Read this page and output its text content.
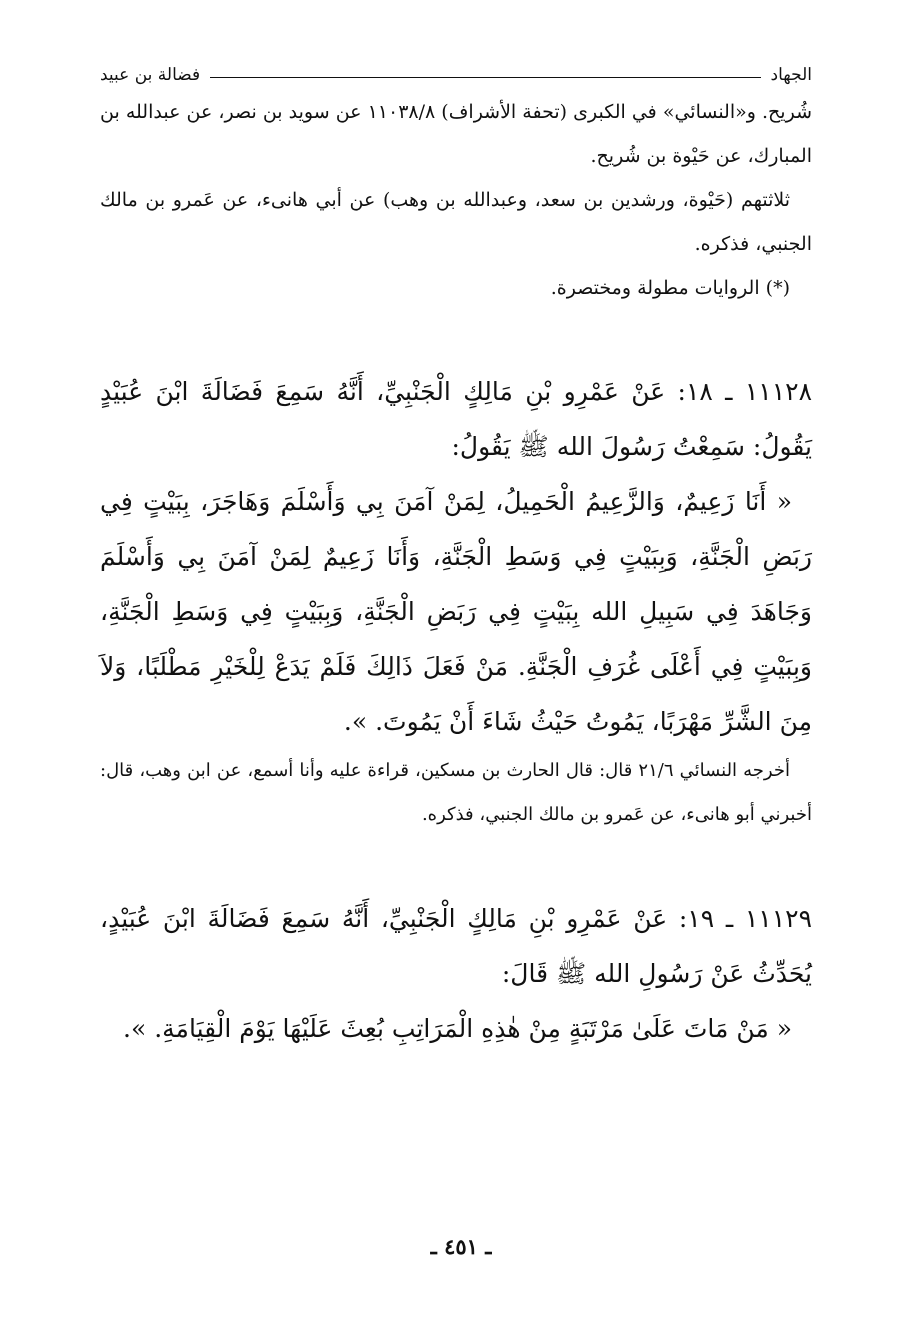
الجهاد
فضالة بن عبيد

شُريح. و«النسائي» في الكبرى (تحفة الأشراف) ١١٠٣٨/٨ عن سويد بن نصر، عن عبدالله بن المبارك، عن حَيْوة بن شُريح.

ثلاثتهم (حَيْوة، ورشدين بن سعد، وعبدالله بن وهب) عن أبي هانىء، عن عَمرو بن مالك الجنبي، فذكره.

(*) الروايات مطولة ومختصرة.

١١١٢٨ ـ ١٨: عَنْ عَمْرِو بْنِ مَالِكٍ الْجَنْبِيِّ، أَنَّهُ سَمِعَ فَضَالَةَ ابْنَ عُبَيْدٍ يَقُولُ: سَمِعْتُ رَسُولَ الله ﷺ يَقُولُ:

« أَنَا زَعِيمٌ، وَالزَّعِيمُ الْحَمِيلُ، لِمَنْ آمَنَ بِي وَأَسْلَمَ وَهَاجَرَ، بِبَيْتٍ فِي رَبَضِ الْجَنَّةِ، وَبِبَيْتٍ فِي وَسَطِ الْجَنَّةِ، وَأَنَا زَعِيمٌ لِمَنْ آمَنَ بِي وَأَسْلَمَ وَجَاهَدَ فِي سَبِيلِ الله بِبَيْتٍ فِي رَبَضِ الْجَنَّةِ، وَبِبَيْتٍ فِي وَسَطِ الْجَنَّةِ، وَبِبَيْتٍ فِي أَعْلَى غُرَفِ الْجَنَّةِ. مَنْ فَعَلَ ذَالِكَ فَلَمْ يَدَعْ لِلْخَيْرِ مَطْلَبًا، وَلاَ مِنَ الشَّرِّ مَهْرَبًا، يَمُوتُ حَيْثُ شَاءَ أَنْ يَمُوتَ. ».

أخرجه النسائي ٢١/٦ قال: قال الحارث بن مسكين، قراءة عليه وأنا أسمع، عن ابن وهب، قال: أخبرني أبو هانىء، عن عَمرو بن مالك الجنبي، فذكره.

١١١٢٩ ـ ١٩: عَنْ عَمْرِو بْنِ مَالِكٍ الْجَنْبِيِّ، أَنَّهُ سَمِعَ فَضَالَةَ ابْنَ عُبَيْدٍ، يُحَدِّثُ عَنْ رَسُولِ الله ﷺ قَالَ:

« مَنْ مَاتَ عَلَىٰ مَرْتَبَةٍ مِنْ هٰذِهِ الْمَرَاتِبِ بُعِثَ عَلَيْهَا يَوْمَ الْقِيَامَةِ. ».

ـ ٤٥١ ـ
